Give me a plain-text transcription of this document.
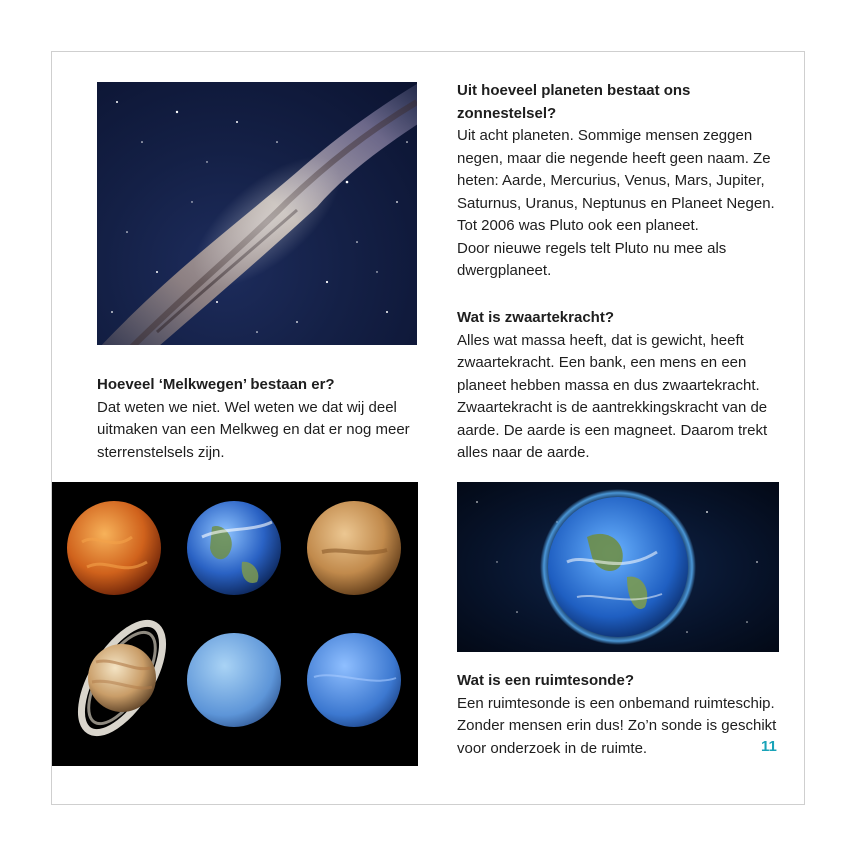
Hoeveel ‘Melkwegen’ bestaan er?

Dat weten we niet. Wel weten we dat wij deel

uitmaken van een Melkweg en dat er nog meer

sterrenstelsels zijn.

Uit hoeveel planeten bestaat ons

zonnestelsel?

Uit acht planeten. Sommige mensen zeggen

negen, maar die negende heeft geen naam. Ze

heten: Aarde, Mercurius, Venus, Mars, Jupiter,

Saturnus, Uranus, Neptunus en Planeet Negen.

Tot 2006 was Pluto ook een planeet.

Door nieuwe regels telt Pluto nu mee als

dwergplaneet.

Wat is zwaartekracht?

Alles wat massa heeft, dat is gewicht, heeft

zwaartekracht. Een bank, een mens en een

planeet hebben massa en dus zwaartekracht.

Zwaartekracht is de aantrekkingskracht van de

aarde. De aarde is een magneet. Daarom trekt

alles naar de aarde.

Wat is een ruimtesonde?

Een ruimtesonde is een onbemand ruimteschip.

Zonder mensen erin dus! Zo’n sonde is geschikt

voor onderzoek in de ruimte.	11
